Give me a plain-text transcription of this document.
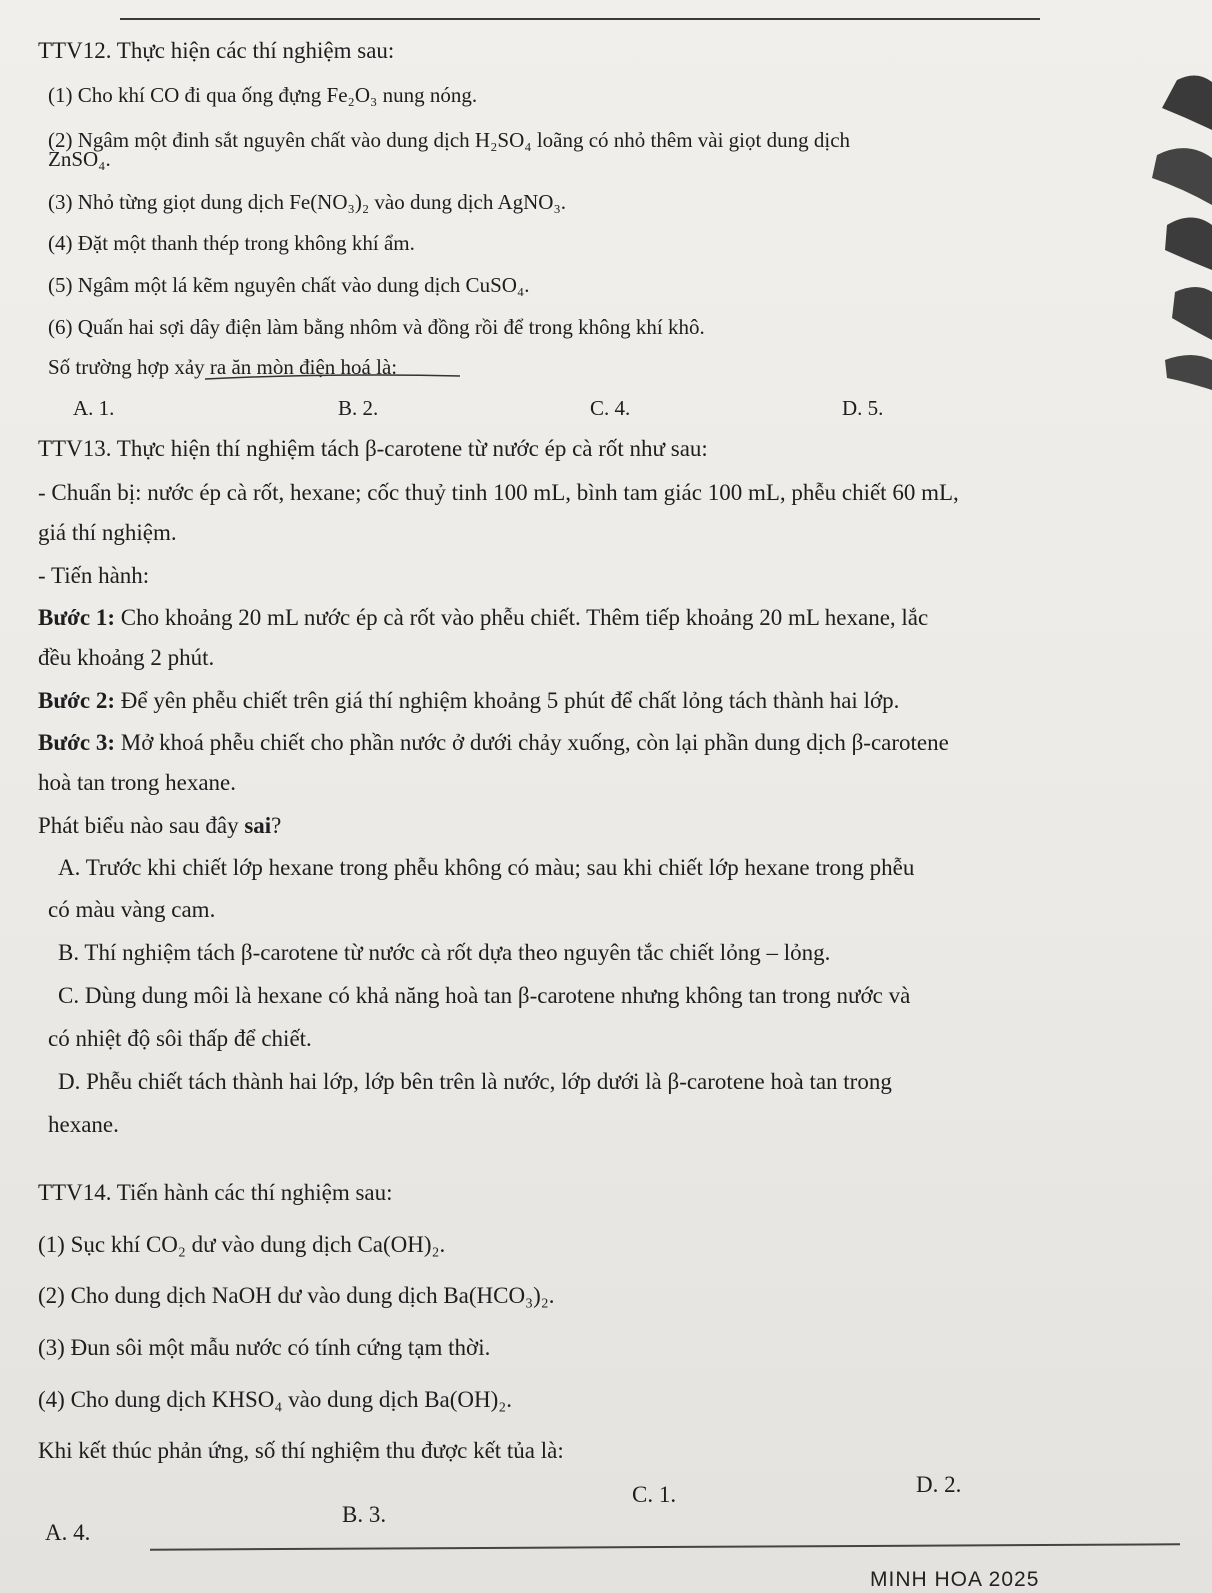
TTV12. Thực hiện các thí nghiệm sau:
(1) Cho khí CO đi qua ống đựng Fe₂O₃ nung nóng.
(2) Ngâm một đinh sắt nguyên chất vào dung dịch H₂SO₄ loãng có nhỏ thêm vài giọt dung dịch
ZnSO₄.
(3) Nhỏ từng giọt dung dịch Fe(NO₃)₂ vào dung dịch AgNO₃.
(4) Đặt một thanh thép trong không khí ẩm.
(5) Ngâm một lá kẽm nguyên chất vào dung dịch CuSO₄.
(6) Quấn hai sợi dây điện làm bằng nhôm và đồng rồi để trong không khí khô.
Số trường hợp xảy ra ăn mòn điện hoá là:
A. 1.	B. 2.	C. 4.	D. 5.
TTV13. Thực hiện thí nghiệm tách β-carotene từ nước ép cà rốt như sau:
- Chuẩn bị: nước ép cà rốt, hexane; cốc thuỷ tinh 100 mL, bình tam giác 100 mL, phễu chiết 60 mL,
giá thí nghiệm.
- Tiến hành:
Bước 1: Cho khoảng 20 mL nước ép cà rốt vào phễu chiết. Thêm tiếp khoảng 20 mL hexane, lắc
đều khoảng 2 phút.
Bước 2: Để yên phễu chiết trên giá thí nghiệm khoảng 5 phút để chất lỏng tách thành hai lớp.
Bước 3: Mở khoá phễu chiết cho phần nước ở dưới chảy xuống, còn lại phần dung dịch β-carotene
hoà tan trong hexane.
Phát biểu nào sau đây sai?
A. Trước khi chiết lớp hexane trong phễu không có màu; sau khi chiết lớp hexane trong phễu
có màu vàng cam.
B. Thí nghiệm tách β-carotene từ nước cà rốt dựa theo nguyên tắc chiết lỏng – lỏng.
C. Dùng dung môi là hexane có khả năng hoà tan β-carotene nhưng không tan trong nước và
có nhiệt độ sôi thấp để chiết.
D. Phễu chiết tách thành hai lớp, lớp bên trên là nước, lớp dưới là β-carotene hoà tan trong
hexane.
TTV14. Tiến hành các thí nghiệm sau:
(1) Sục khí CO₂ dư vào dung dịch Ca(OH)₂.
(2) Cho dung dịch NaOH dư vào dung dịch Ba(HCO₃)₂.
(3) Đun sôi một mẫu nước có tính cứng tạm thời.
(4) Cho dung dịch KHSO₄ vào dung dịch Ba(OH)₂.
Khi kết thúc phản ứng, số thí nghiệm thu được kết tủa là:
A. 4.
B. 3.
C. 1.	D. 2.
MINH HOA 2025
